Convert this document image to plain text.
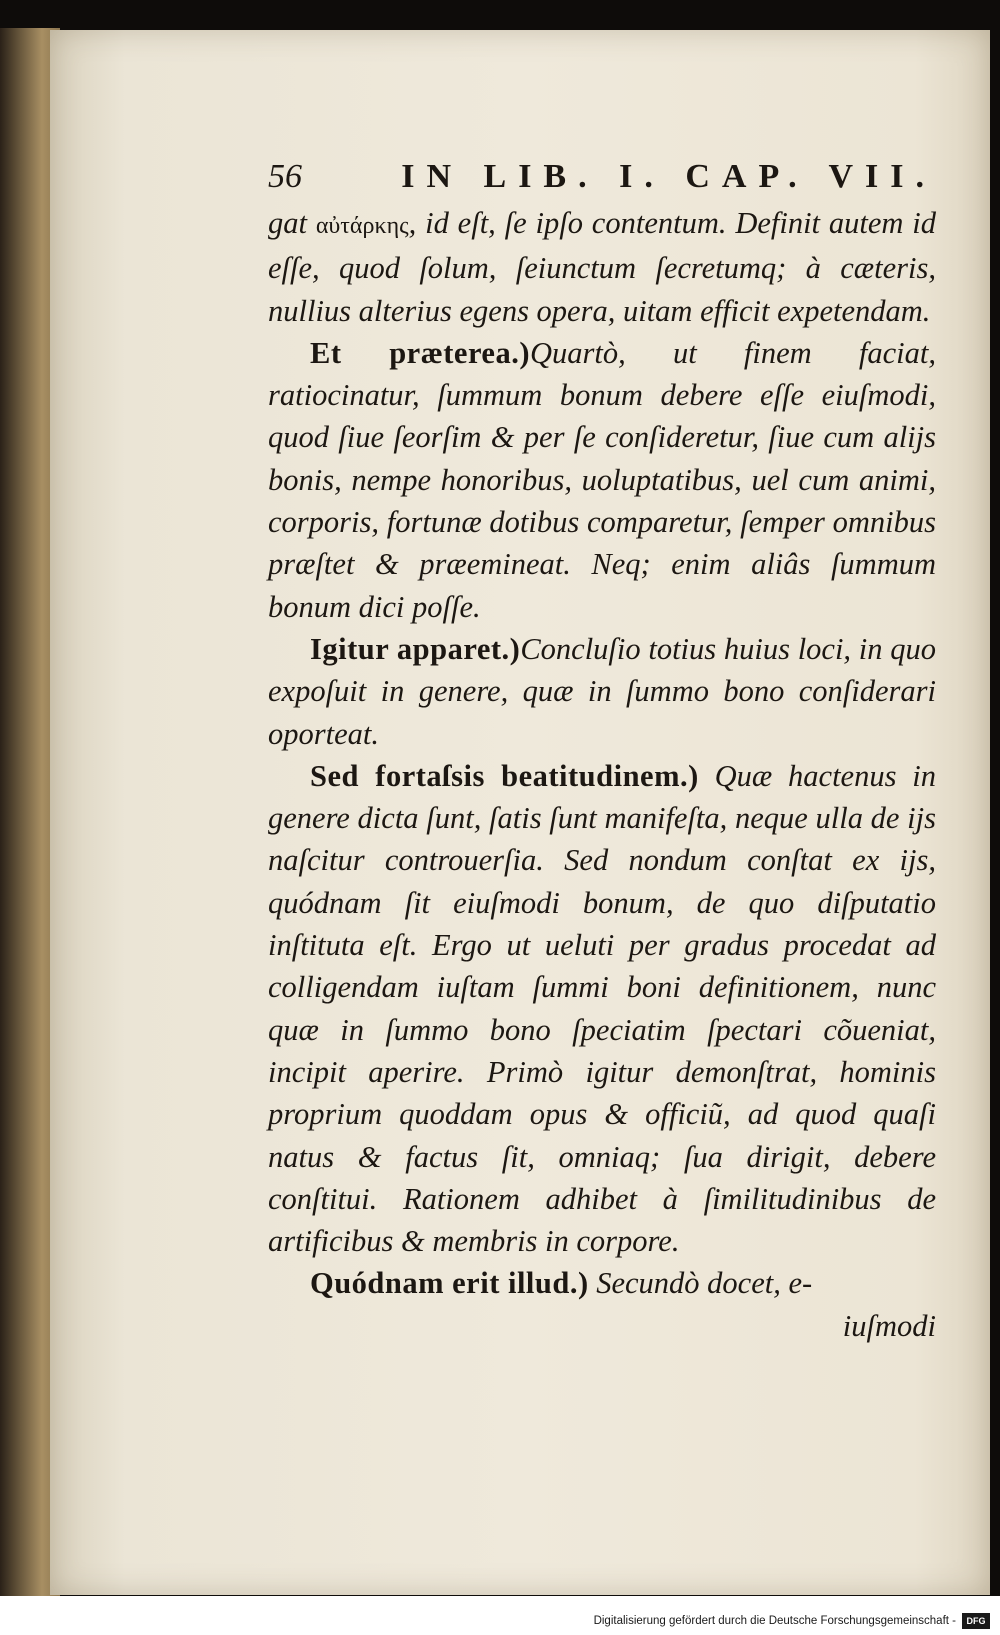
56	IN LIB. I. CAP. VII.

gat αὐτάρκης, id eſt, ſe ipſo contentum. Definit autem id eſſe, quod ſolum, ſeiunctum ſecretumq; à cæteris, nullius alterius egens opera, uitam efficit expetendam.

Et præterea.)Quartò, ut finem faciat, ratiocinatur, ſummum bonum debere eſſe eiuſmodi, quod ſiue ſeorſim & per ſe conſideretur, ſiue cum alijs bonis, nempe honoribus, uoluptatibus, uel cum animi, corporis, fortunæ dotibus comparetur, ſemper omnibus præſtet & præemineat. Neq; enim aliâs ſummum bonum dici poſſe.

Igitur apparet.)Concluſio totius huius loci, in quo expoſuit in genere, quæ in ſummo bono conſiderari oporteat.

Sed fortaſsis beatitudinem.) Quæ hactenus in genere dicta ſunt, ſatis ſunt manifeſta, neque ulla de ijs naſcitur controuerſia. Sed nondum conſtat ex ijs, quódnam ſit eiuſmodi bonum, de quo diſputatio inſtituta eſt. Ergo ut ueluti per gradus procedat ad colligendam iuſtam ſummi boni definitionem, nunc quæ in ſummo bono ſpeciatim ſpectari cõueniat, incipit aperire. Primò igitur demonſtrat, hominis proprium quoddam opus & officiũ, ad quod quaſi natus & factus ſit, omniaq; ſua dirigit, debere conſtitui. Rationem adhibet à ſimilitudinibus de artificibus & membris in corpore.

Quódnam erit illud.) Secundò docet, e-

iuſmodi

Digitalisierung gefördert durch die Deutsche Forschungsgemeinschaft -	DFG
